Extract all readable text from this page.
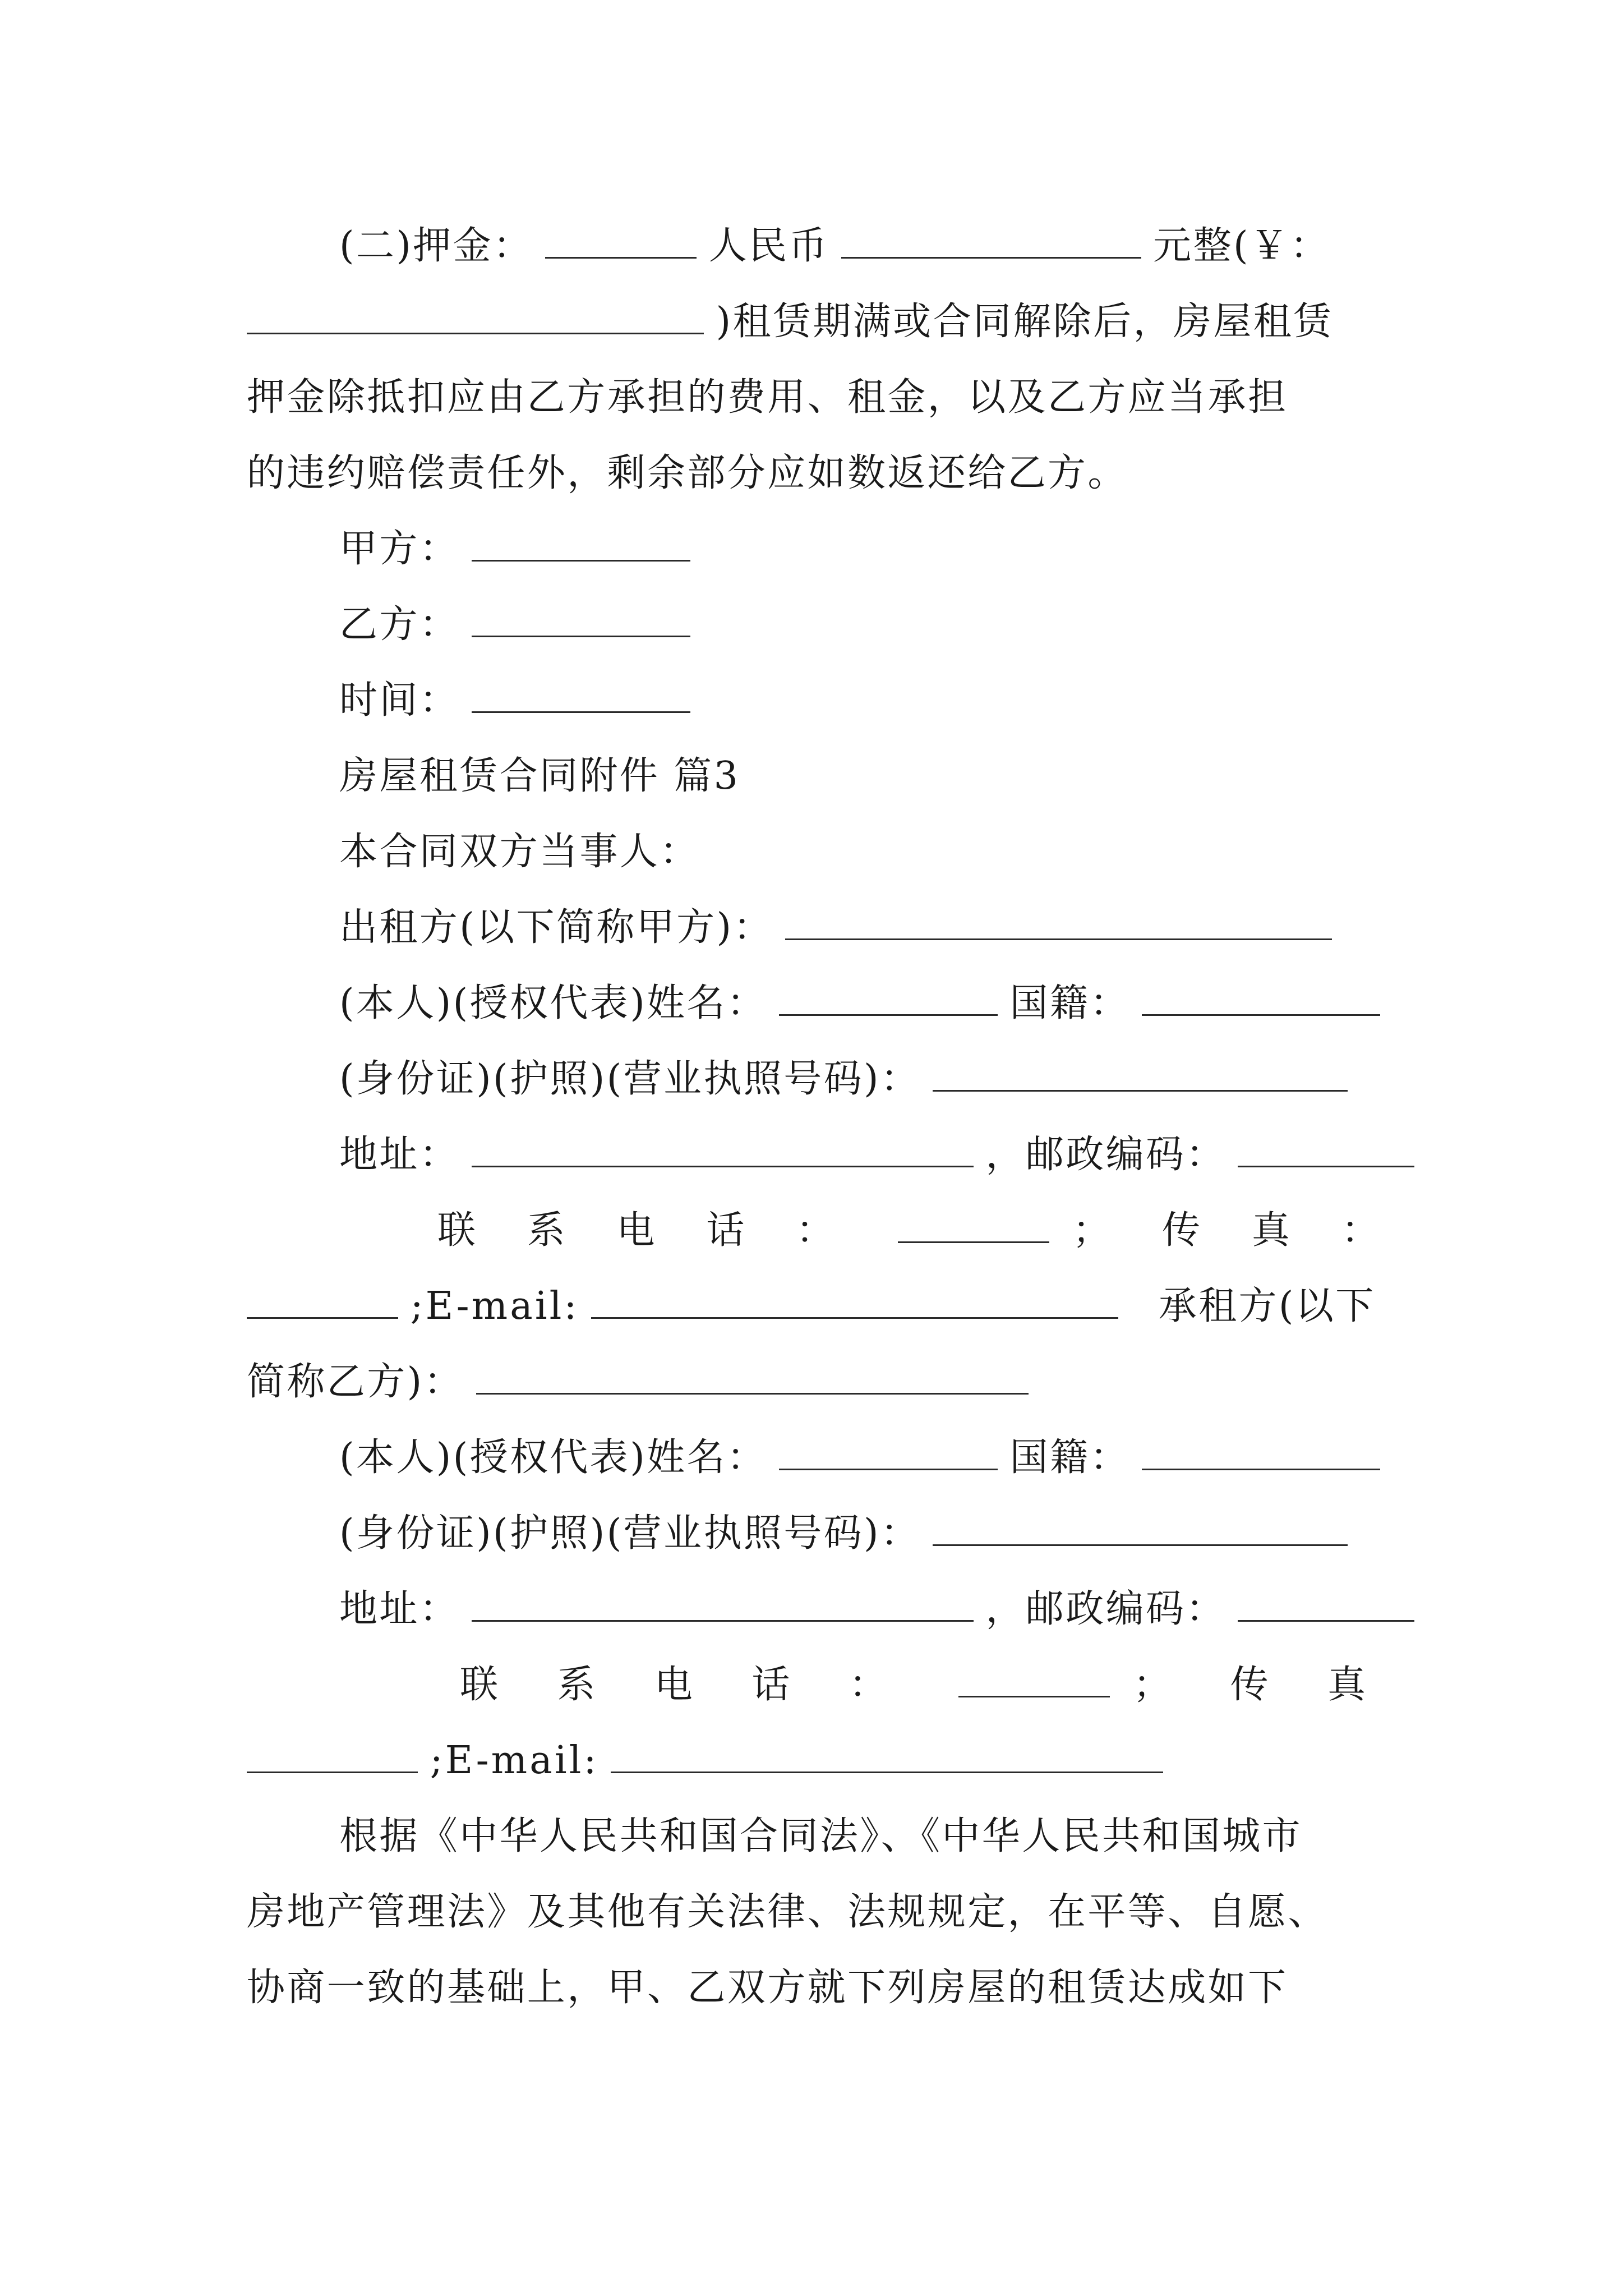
(二)押金：	人民币	元整(￥：
)租赁期满或合同解除后，房屋租赁
押金除抵扣应由乙方承担的费用、租金，以及乙方应当承担
的违约赔偿责任外，剩余部分应如数返还给乙方。
甲方：
乙方：
时间：
房屋租赁合同附件 篇3
本合同双方当事人：
出租方(以下简称甲方)：
(本人)(授权代表)姓名：	国籍：
(身份证)(护照)(营业执照号码)：
地址：	，邮政编码：
联系电话：	；传真：
;E-mail:	承租方(以下
简称乙方)：
(本人)(授权代表)姓名：	国籍：
(身份证)(护照)(营业执照号码)：
地址：	，邮政编码：
联系电话：	；传真
;E-mail:
根据《中华人民共和国合同法》、《中华人民共和国城市
房地产管理法》及其他有关法律、法规规定，在平等、自愿、
协商一致的基础上，甲、乙双方就下列房屋的租赁达成如下
